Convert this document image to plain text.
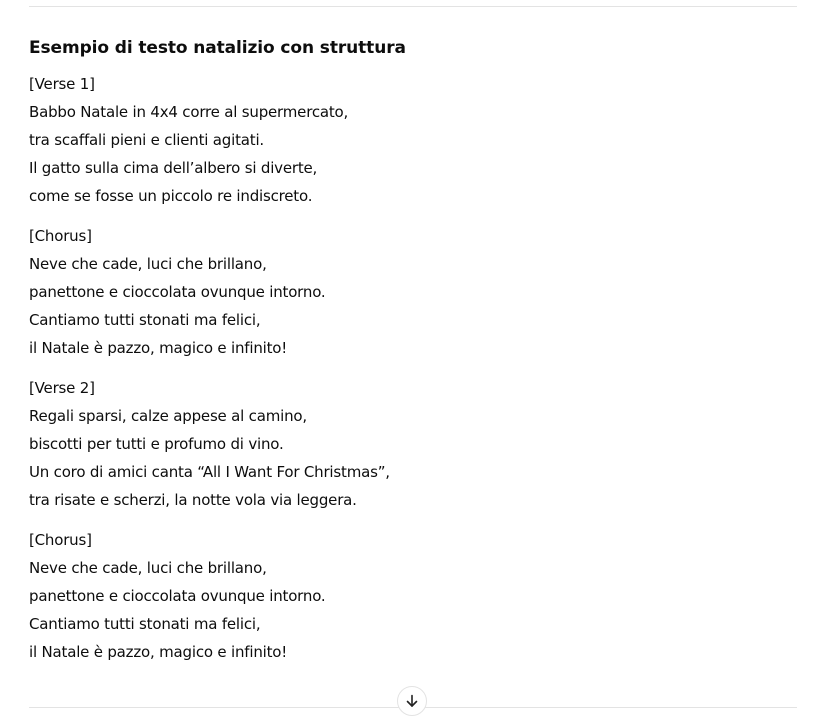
Esempio di testo natalizio con struttura
[Verse 1]
Babbo Natale in 4x4 corre al supermercato,
tra scaffali pieni e clienti agitati.
Il gatto sulla cima dell’albero si diverte,
come se fosse un piccolo re indiscreto.
[Chorus]
Neve che cade, luci che brillano,
panettone e cioccolata ovunque intorno.
Cantiamo tutti stonati ma felici,
il Natale è pazzo, magico e infinito!
[Verse 2]
Regali sparsi, calze appese al camino,
biscotti per tutti e profumo di vino.
Un coro di amici canta “All I Want For Christmas”,
tra risate e scherzi, la notte vola via leggera.
[Chorus]
Neve che cade, luci che brillano,
panettone e cioccolata ovunque intorno.
Cantiamo tutti stonati ma felici,
il Natale è pazzo, magico e infinito!
